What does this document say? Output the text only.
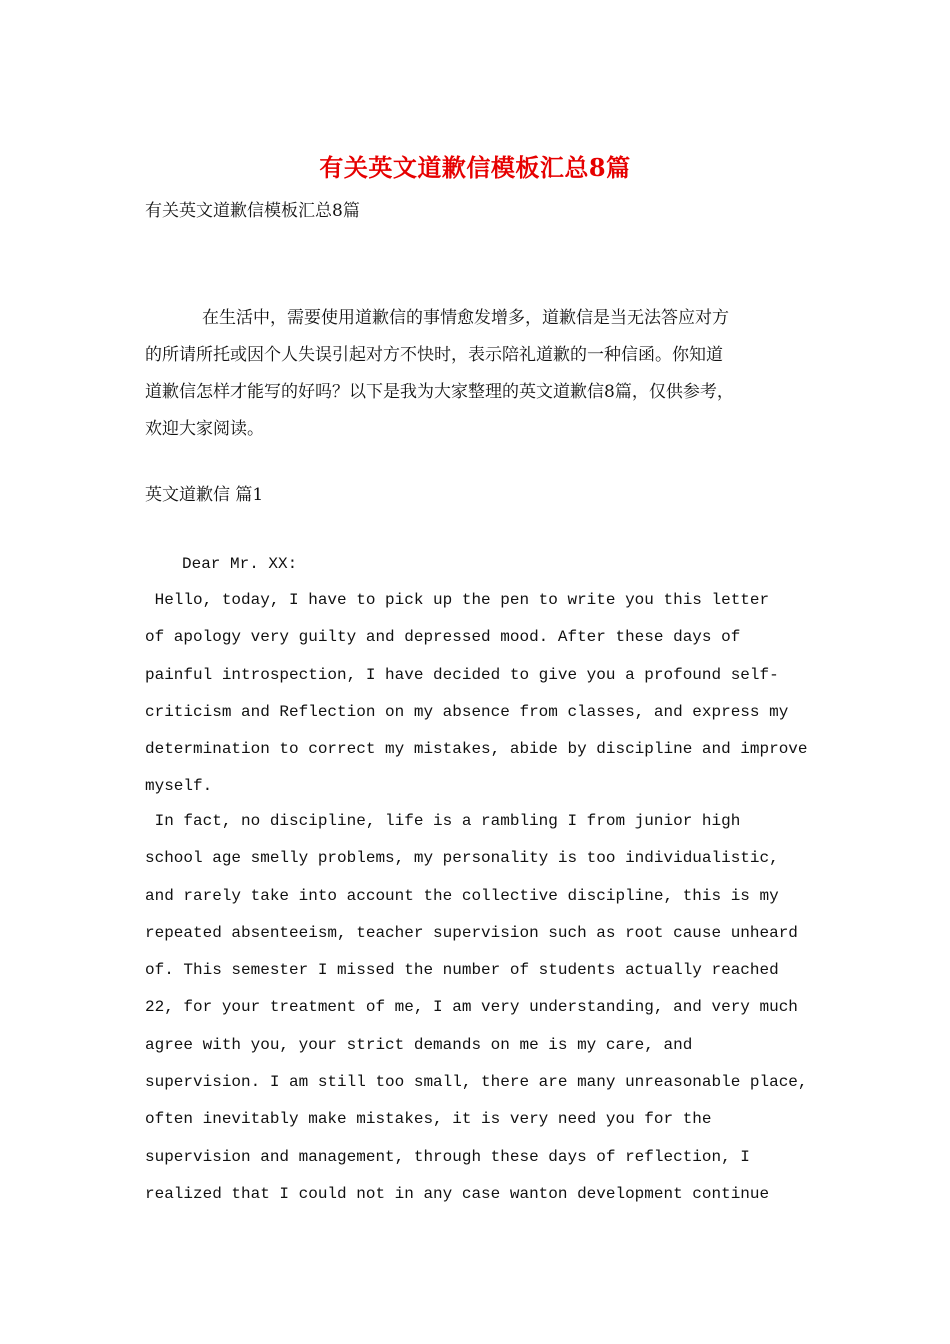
有关英文道歉信模板汇总8篇
有关英文道歉信模板汇总8篇
在生活中，需要使用道歉信的事情愈发增多，道歉信是当无法答应对方
的所请所托或因个人失误引起对方不快时，表示陪礼道歉的一种信函。你知道
道歉信怎样才能写的好吗？以下是我为大家整理的英文道歉信8篇，仅供参考，
欢迎大家阅读。
英文道歉信 篇1
Dear Mr. XX:
Hello, today, I have to pick up the pen to write you this letter
of apology very guilty and depressed mood. After these days of
painful introspection, I have decided to give you a profound self-
criticism and Reflection on my absence from classes, and express my
determination to correct my mistakes, abide by discipline and improve
myself.
In fact, no discipline, life is a rambling I from junior high
school age smelly problems, my personality is too individualistic,
and rarely take into account the collective discipline, this is my
repeated absenteeism, teacher supervision such as root cause unheard
of. This semester I missed the number of students actually reached
22, for your treatment of me, I am very understanding, and very much
agree with you, your strict demands on me is my care, and
supervision. I am still too small, there are many unreasonable place,
often inevitably make mistakes, it is very need you for the
supervision and management, through these days of reflection, I
realized that I could not in any case wanton development continue
